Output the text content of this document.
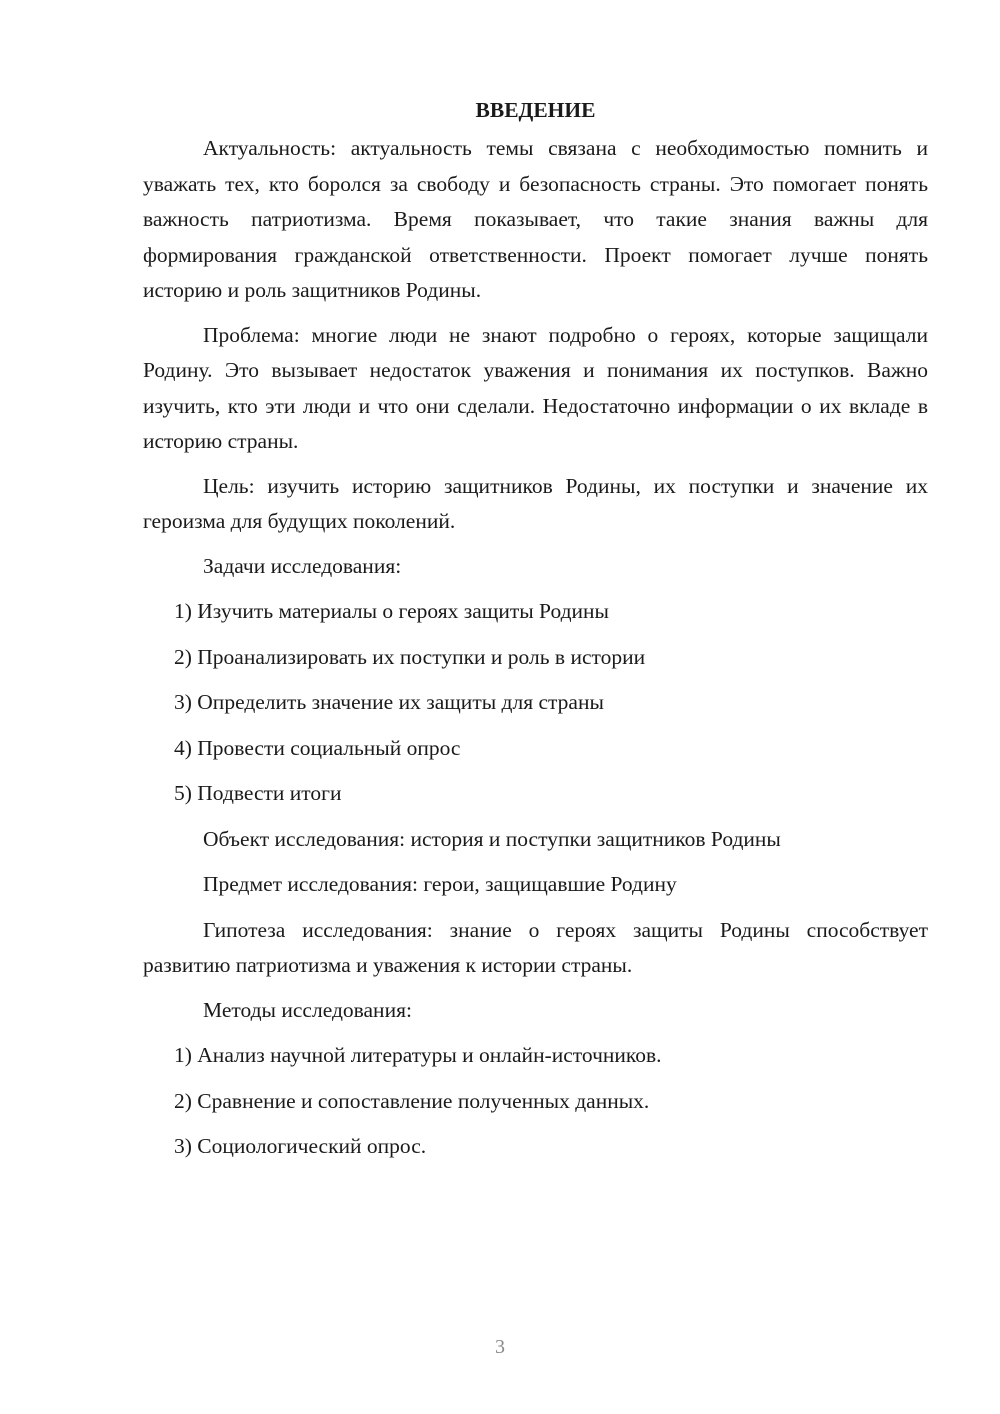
ВВЕДЕНИЕ

Актуальность: актуальность темы связана с необходимостью помнить и уважать тех, кто боролся за свободу и безопасность страны. Это помогает понять важность патриотизма. Время показывает, что такие знания важны для формирования гражданской ответственности. Проект помогает лучше понять историю и роль защитников Родины.

Проблема: многие люди не знают подробно о героях, которые защищали Родину. Это вызывает недостаток уважения и понимания их поступков. Важно изучить, кто эти люди и что они сделали. Недостаточно информации о их вкладе в историю страны.

Цель: изучить историю защитников Родины, их поступки и значение их героизма для будущих поколений.

Задачи исследования:
1) Изучить материалы о героях защиты Родины
2) Проанализировать их поступки и роль в истории
3) Определить значение их защиты для страны
4) Провести социальный опрос
5) Подвести итоги
Объект исследования: история и поступки защитников Родины
Предмет исследования: герои, защищавшие Родину

Гипотеза исследования: знание о героях защиты Родины способствует развитию патриотизма и уважения к истории страны.

Методы исследования:
1) Анализ научной литературы и онлайн-источников.
2) Сравнение и сопоставление полученных данных.
3) Социологический опрос.
3
